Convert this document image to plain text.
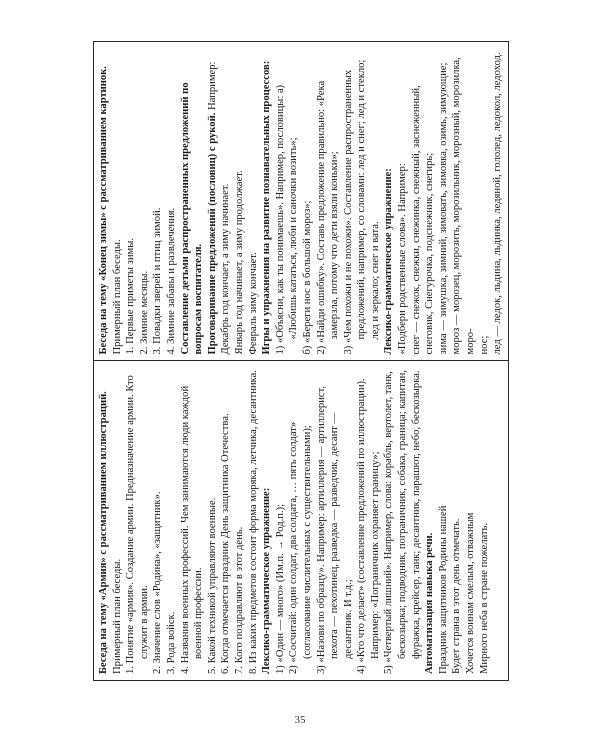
Беседа на тему «Армия» с рассматриванием иллюстраций. Примерный план беседы. 1. Понятие «армия». Создание армии. Предназначение армии. Кто служит в армии. 2. Значение слов «Родина», «защитник». 3. Рода войск. 4. Названия военных профессий. Чем занимаются люди каждой военной профессии. 5. Какой техникой управляют военные. 6. Когда отмечается праздник День защитника Отечества. 7. Кого поздравляют в этот день. 8. Из каких предметов состоит форма моряка, летчика, десантника. Лексико-грамматическое упражнение: 1) «Один — много» (Им.п. → Род.п.); 2) «Сосчитай: один солдат, два солдата, … пять солдат» (согласование числительных с существительными); 3) «Назови по образцу». Например: артиллерия — артиллерист, пехота — пехотинец, разведка — разведчик, десант — десантник. И т.д.; 4) «Кто что делает» (составление предложений по иллюстрации). Например: «Пограничник охраняет границу»; 5) «Четвертый лишний». Например, слова: корабль, вертолет, танк, бескозырка; подводник, пограничник, собака, граница; капитан, фуражка, крейсер, танк; десантник, парашют, небо, бескозырка. Автоматизация навыка речи. Праздник защитников Родины нашей Будет страна в этот день отмечать. Хочется воинам смелым, отважным Мирного неба в стране пожелать.

Беседа на тему «Конец зимы» с рассматриванием картинок. Примерный план беседы. 1. Первые приметы зимы. 2. Зимние месяцы. 3. Повадки зверей и птиц зимой. 4. Зимние забавы и развлечения. Составление детьми распространенных предложений по вопросам воспитателя. Проговаривание предложений (пословиц) с рукой. Например:

Декабрь год кончает, а зиму начинает. Январь год начинает, а зиму продолжает. Февраль зиму кончает. Игры и упражнения на развитие познавательных процессов: 1) «Объясни, как ты понимаешь». Например, пословицы: а) «Любишь кататься, люби и саночки возить»; б) «Береги нос в большой мороз»; 2) «Найди ошибку». Составь предложение правильно: «Река замерзла, потому что дети взяли коньки»; 3) «Чем похожи и не похожи». Составление распространенных предложений, например, со словами: лед и снег; лед и стекло; лед и зеркало; снег и вата. Лексико-грамматическое упражнение: «Подбери родственные слова». Например: снег — снежок, снежки, снежинка, снежный, заснеженный, снеговик, Снегурочка, подснежник, снегирь; зима — зимушка, зимний, зимовать, зимовка, озимь, зимующие; мороз — морозец, морозить, морозильник, морозный, морозилка, моро- нос; лед — ледок, льдина, льдинка, ледяной, гололед, ледокол, ледоход.

35
